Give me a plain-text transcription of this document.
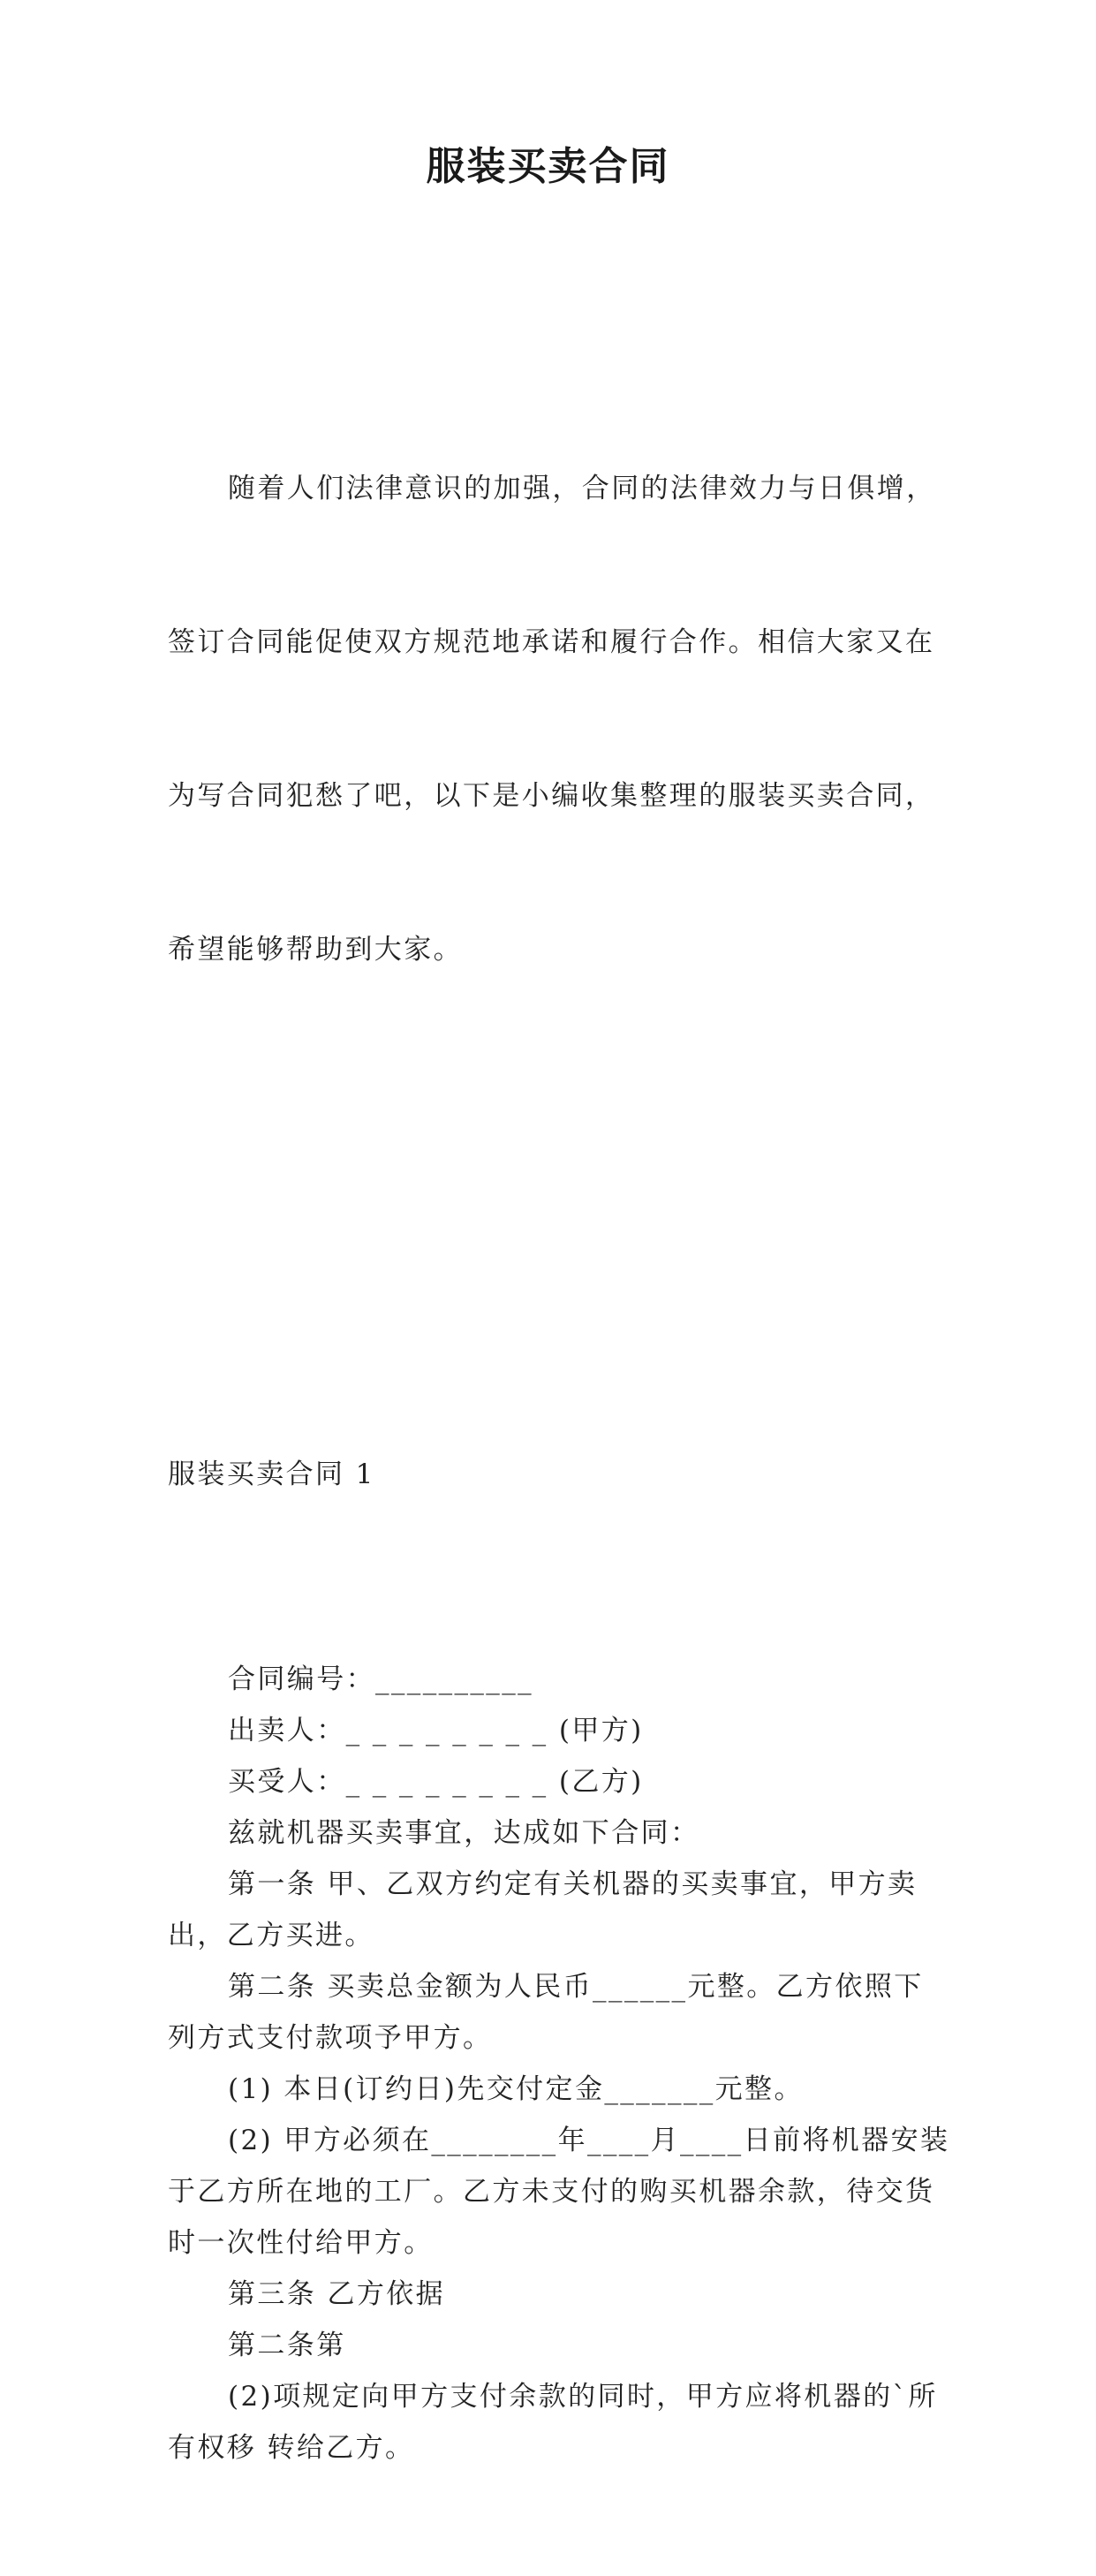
服装买卖合同

随着人们法律意识的加强，合同的法律效力与日俱增，

签订合同能促使双方规范地承诺和履行合作。相信大家又在

为写合同犯愁了吧，以下是小编收集整理的服装买卖合同，

希望能够帮助到大家。

服装买卖合同 1

合同编号：__________
出卖人：_ _ _ _ _ _ _ _ (甲方)
买受人：_ _ _ _ _ _ _ _ (乙方)
兹就机器买卖事宜，达成如下合同：
第一条 甲、乙双方约定有关机器的买卖事宜，甲方卖
出，乙方买进。
第二条 买卖总金额为人民币______元整。乙方依照下
列方式支付款项予甲方。
(1) 本日(订约日)先交付定金_______元整。
(2) 甲方必须在________年____月____日前将机器安装
于乙方所在地的工厂。乙方未支付的购买机器余款，待交货
时一次性付给甲方。
第三条 乙方依据
第二条第
(2)项规定向甲方支付余款的同时，甲方应将机器的`所
有权移 转给乙方。
